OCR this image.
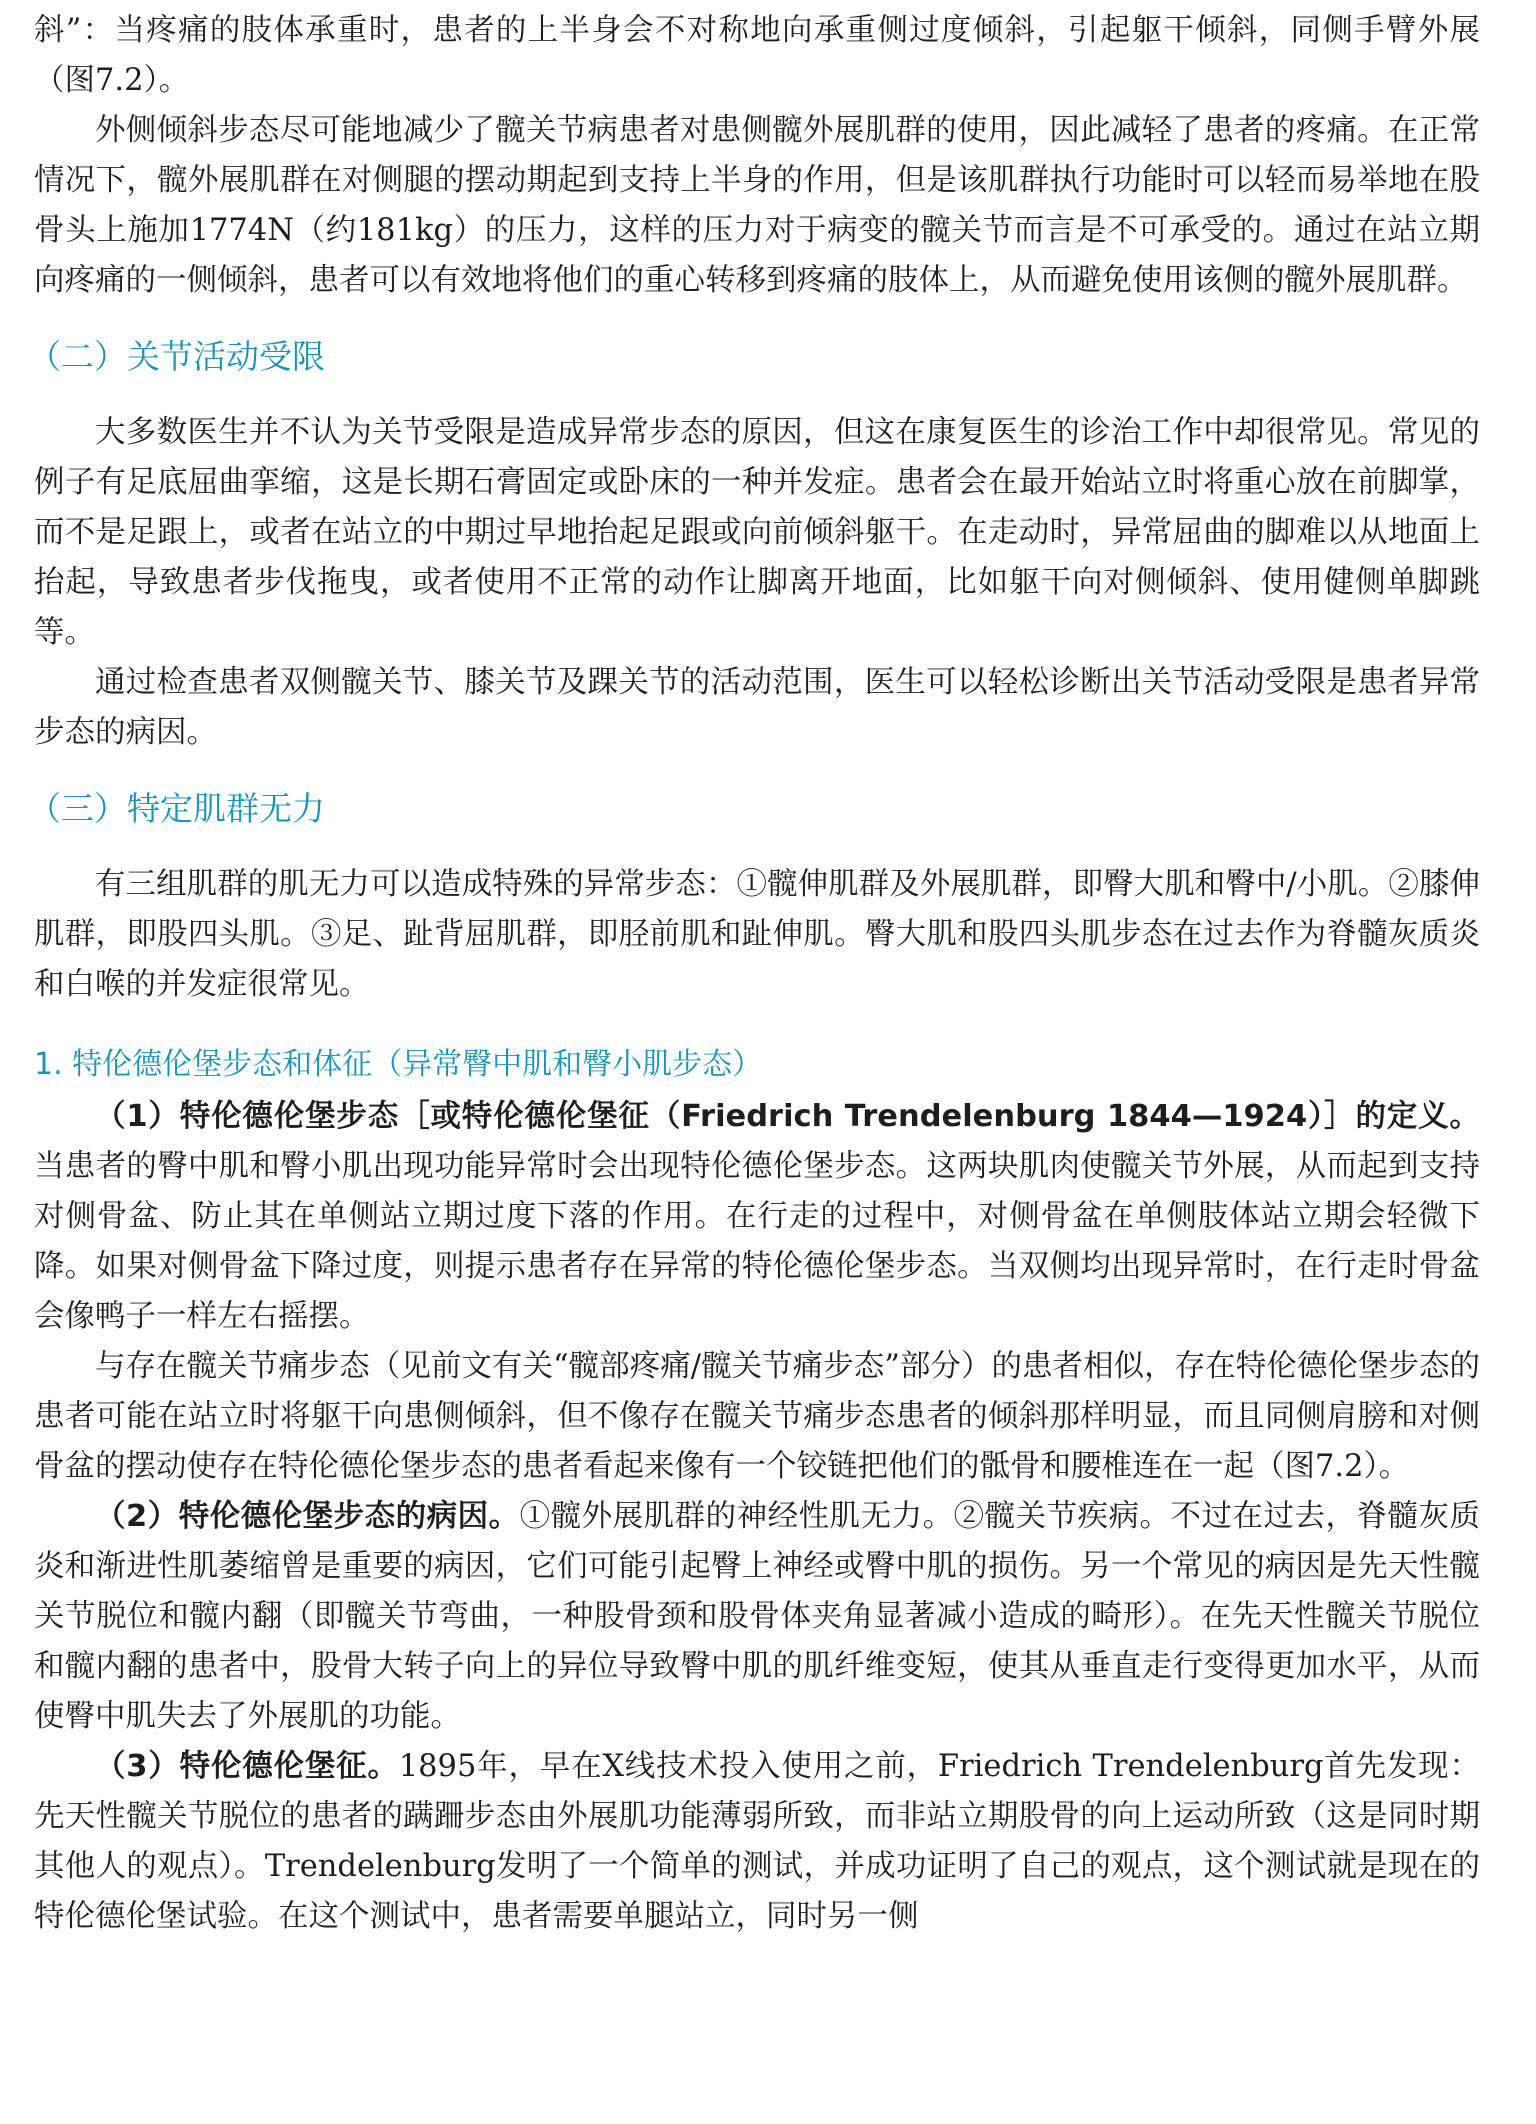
斜”：当疼痛的肢体承重时，患者的上半身会不对称地向承重侧过度倾斜，引起躯干倾斜，同侧手臂外展（图7.2）。

外侧倾斜步态尽可能地减少了髋关节病患者对患侧髋外展肌群的使用，因此减轻了患者的疼痛。在正常情况下，髋外展肌群在对侧腿的摆动期起到支持上半身的作用，但是该肌群执行功能时可以轻而易举地在股骨头上施加1774N（约181kg）的压力，这样的压力对于病变的髋关节而言是不可承受的。通过在站立期向疼痛的一侧倾斜，患者可以有效地将他们的重心转移到疼痛的肢体上，从而避免使用该侧的髋外展肌群。

（二）关节活动受限

大多数医生并不认为关节受限是造成异常步态的原因，但这在康复医生的诊治工作中却很常见。常见的例子有足底屈曲挛缩，这是长期石膏固定或卧床的一种并发症。患者会在最开始站立时将重心放在前脚掌，而不是足跟上，或者在站立的中期过早地抬起足跟或向前倾斜躯干。在走动时，异常屈曲的脚难以从地面上抬起，导致患者步伐拖曳，或者使用不正常的动作让脚离开地面，比如躯干向对侧倾斜、使用健侧单脚跳等。

通过检查患者双侧髋关节、膝关节及踝关节的活动范围，医生可以轻松诊断出关节活动受限是患者异常步态的病因。

（三）特定肌群无力

有三组肌群的肌无力可以造成特殊的异常步态：①髋伸肌群及外展肌群，即臀大肌和臀中/小肌。②膝伸肌群，即股四头肌。③足、趾背屈肌群，即胫前肌和趾伸肌。臀大肌和股四头肌步态在过去作为脊髓灰质炎和白喉的并发症很常见。

1. 特伦德伦堡步态和体征（异常臀中肌和臀小肌步态）

（1）特伦德伦堡步态［或特伦德伦堡征（Friedrich Trendelenburg 1844—1924）］的定义。当患者的臀中肌和臀小肌出现功能异常时会出现特伦德伦堡步态。这两块肌肉使髋关节外展，从而起到支持对侧骨盆、防止其在单侧站立期过度下落的作用。在行走的过程中，对侧骨盆在单侧肢体站立期会轻微下降。如果对侧骨盆下降过度，则提示患者存在异常的特伦德伦堡步态。当双侧均出现异常时，在行走时骨盆会像鸭子一样左右摇摆。

与存在髋关节痛步态（见前文有关“髋部疼痛/髋关节痛步态”部分）的患者相似，存在特伦德伦堡步态的患者可能在站立时将躯干向患侧倾斜，但不像存在髋关节痛步态患者的倾斜那样明显，而且同侧肩膀和对侧骨盆的摆动使存在特伦德伦堡步态的患者看起来像有一个铰链把他们的骶骨和腰椎连在一起（图7.2）。

（2）特伦德伦堡步态的病因。①髋外展肌群的神经性肌无力。②髋关节疾病。不过在过去，脊髓灰质炎和渐进性肌萎缩曾是重要的病因，它们可能引起臀上神经或臀中肌的损伤。另一个常见的病因是先天性髋关节脱位和髋内翻（即髋关节弯曲，一种股骨颈和股骨体夹角显著减小造成的畸形）。在先天性髋关节脱位和髋内翻的患者中，股骨大转子向上的异位导致臀中肌的肌纤维变短，使其从垂直走行变得更加水平，从而使臀中肌失去了外展肌的功能。

（3）特伦德伦堡征。1895年，早在X线技术投入使用之前，Friedrich Trendelenburg首先发现：先天性髋关节脱位的患者的蹒跚步态由外展肌功能薄弱所致，而非站立期股骨的向上运动所致（这是同时期其他人的观点）。Trendelenburg发明了一个简单的测试，并成功证明了自己的观点，这个测试就是现在的特伦德伦堡试验。在这个测试中，患者需要单腿站立，同时另一侧
